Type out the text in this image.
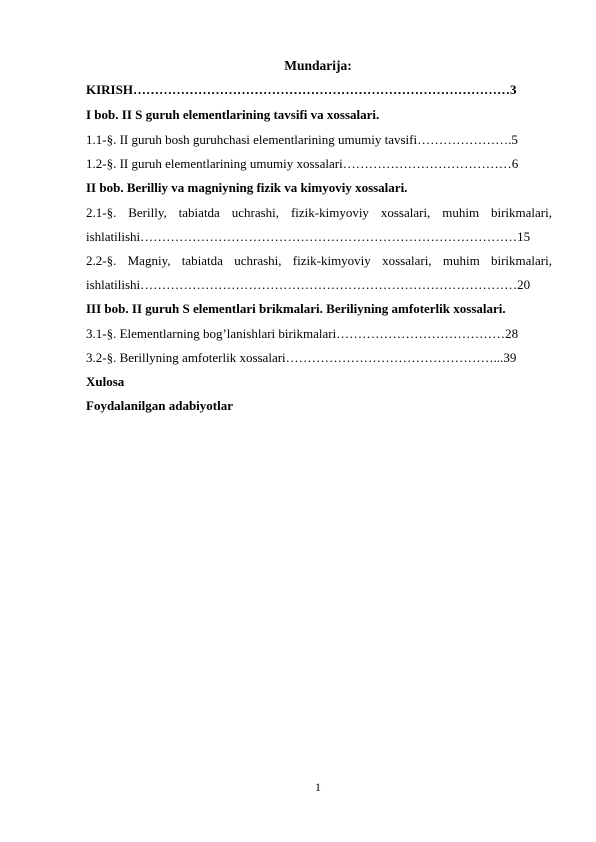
Mundarija:
KIRISH……………………………………………………………………………3
I bob. II S guruh elementlarining tavsifi va xossalari.
1.1-§. II guruh bosh guruhchasi elementlarining umumiy tavsifi………………….5
1.2-§. II guruh elementlarining umumiy xossalari…………………………………6
II bob. Berilliy va magniyning fizik va kimyoviy xossalari.
2.1-§. Berilly, tabiatda uchrashi, fizik-kimyoviy xossalari, muhim birikmalari,
ishlatilishi……………………………………………………………………………15
2.2-§. Magniy, tabiatda uchrashi, fizik-kimyoviy xossalari, muhim birikmalari,
ishlatilishi……………………………………………………………………………20
III bob. II guruh S elementlari brikmalari. Beriliyning amfoterlik xossalari.
3.1-§. Elementlarning bog’lanishlari birikmalari…………………………………28
3.2-§. Berillyning amfoterlik xossalari…………………………………………...39
Xulosa
Foydalanilgan adabiyotlar
1
